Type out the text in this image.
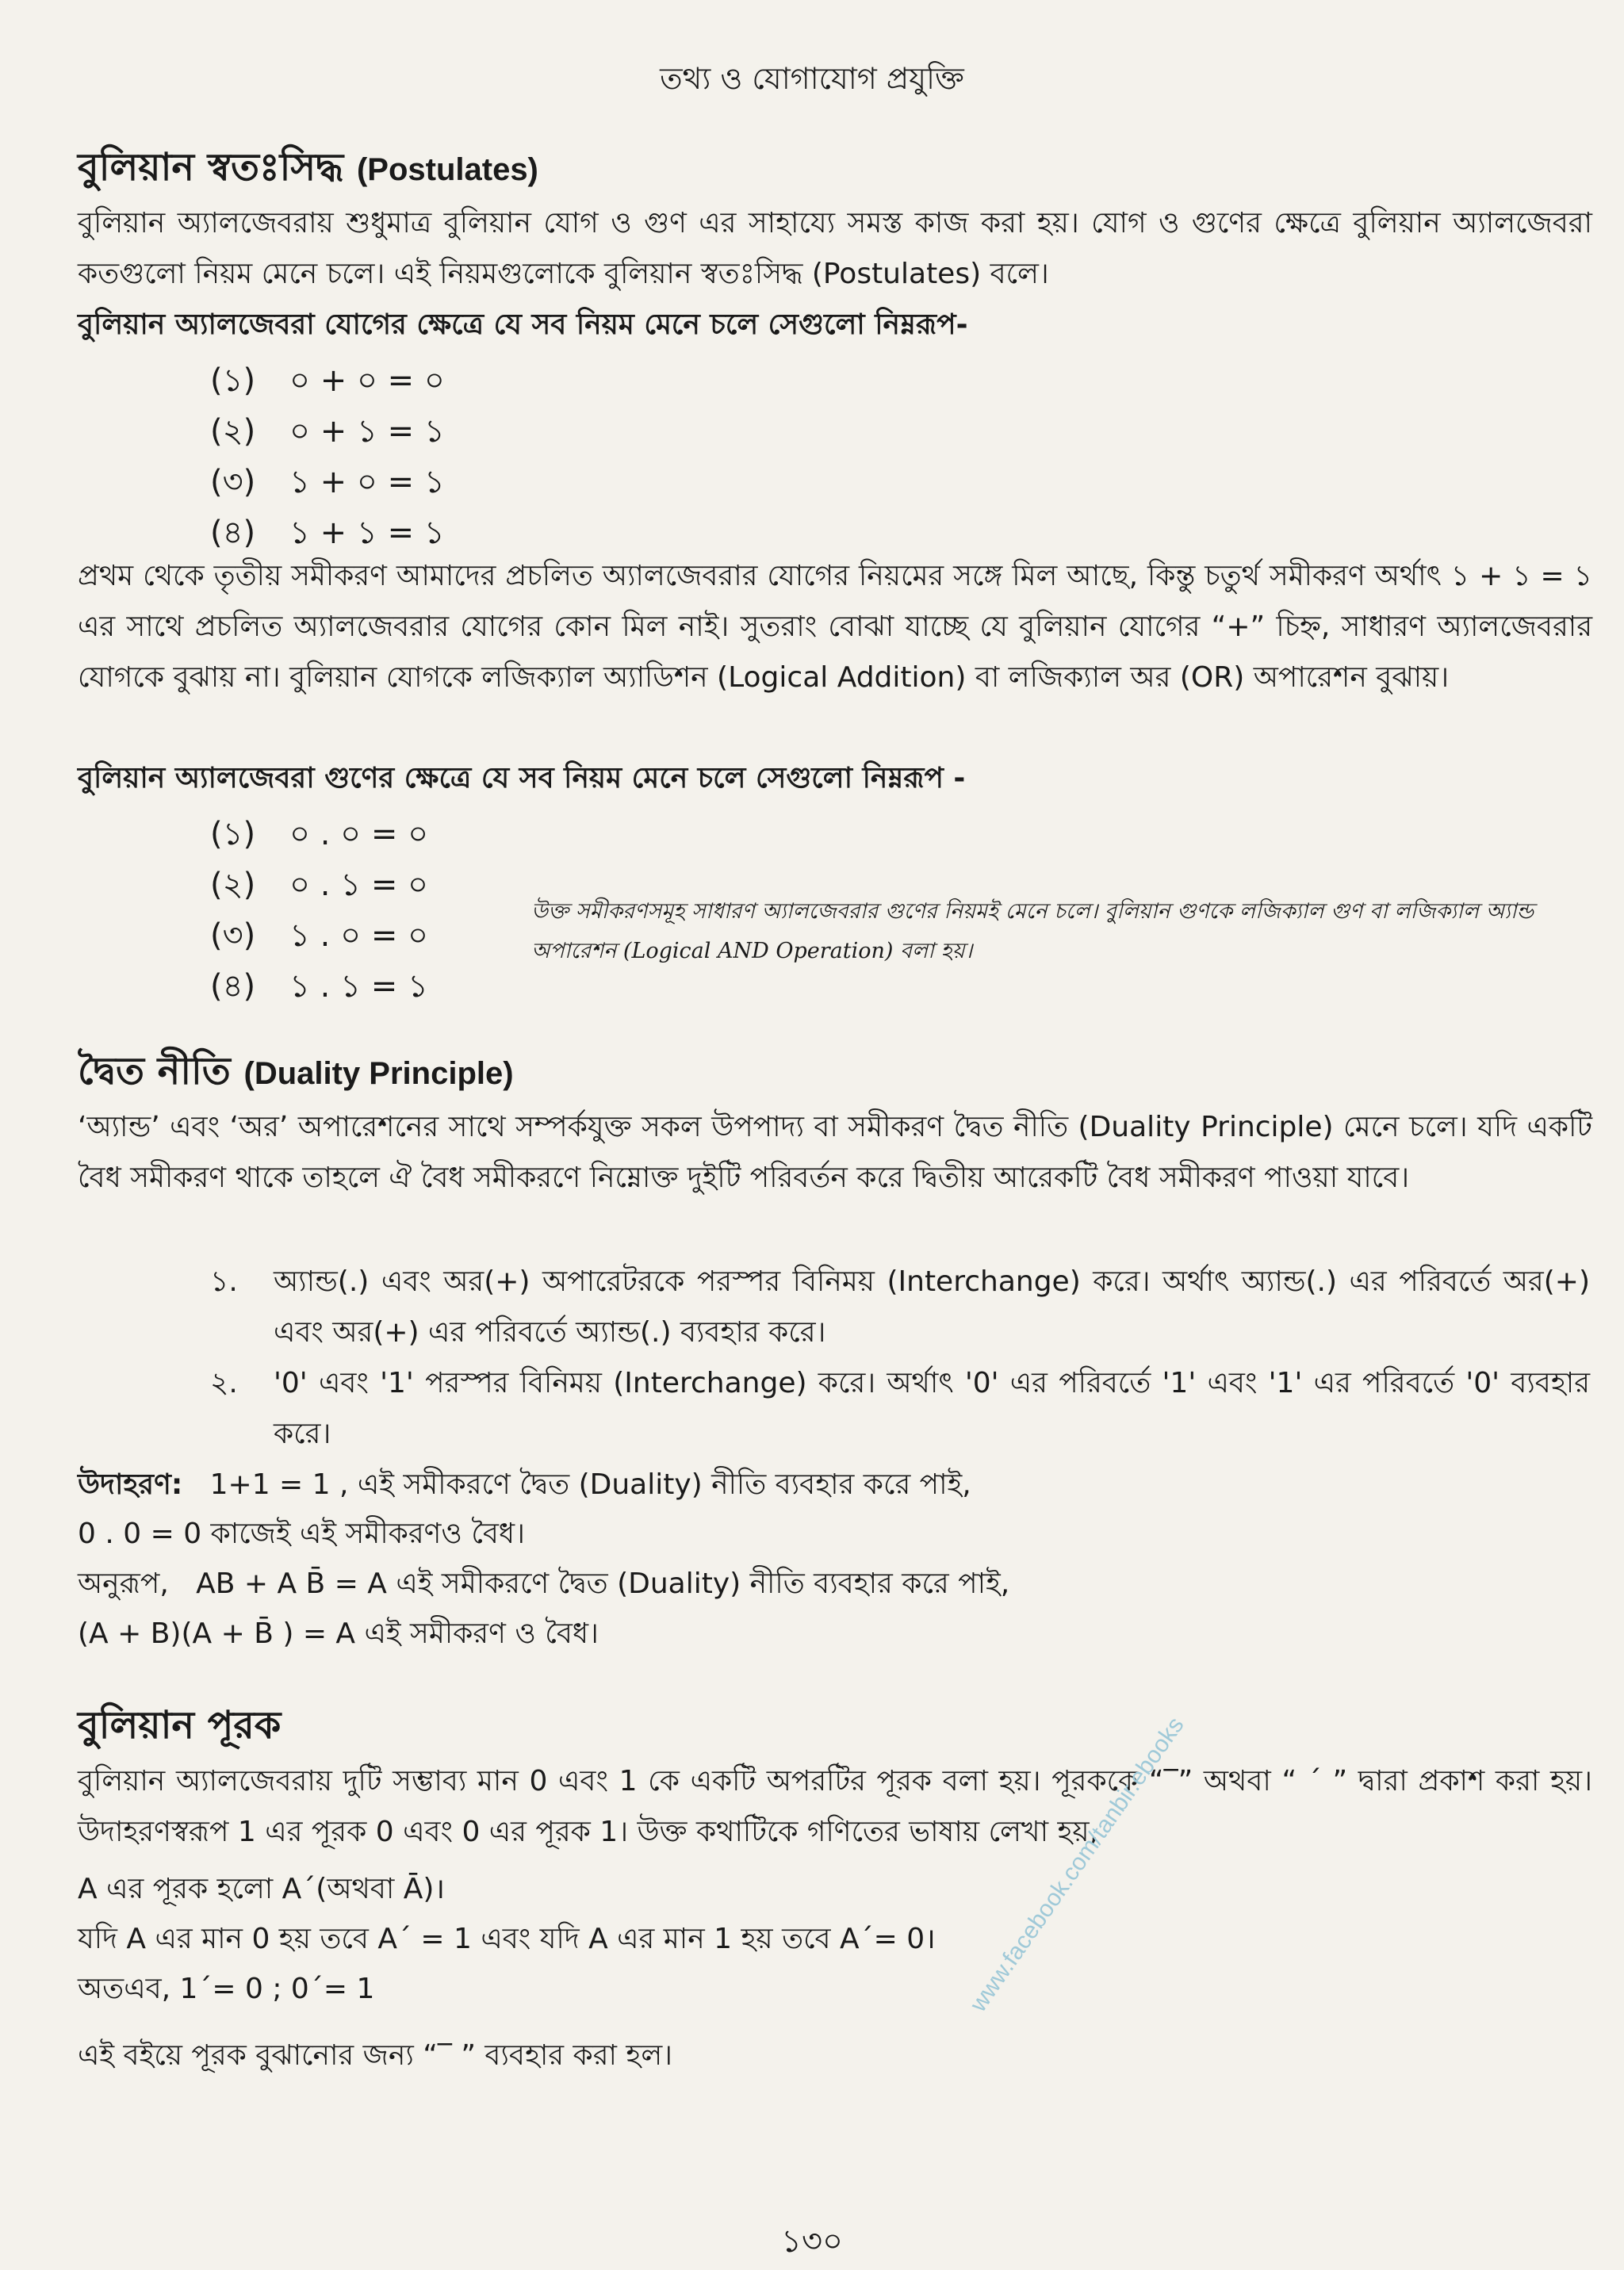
তথ্য ও যোগাযোগ প্রযুক্তি
বুলিয়ান স্বতঃসিদ্ধ (Postulates)
বুলিয়ান অ্যালজেবরায় শুধুমাত্র বুলিয়ান যোগ ও গুণ এর সাহায্যে সমস্ত কাজ করা হয়। যোগ ও গুণের ক্ষেত্রে বুলিয়ান অ্যালজেবরা কতগুলো নিয়ম মেনে চলে। এই নিয়মগুলোকে বুলিয়ান স্বতঃসিদ্ধ (Postulates) বলে।
বুলিয়ান অ্যালজেবরা যোগের ক্ষেত্রে যে সব নিয়ম মেনে চলে সেগুলো নিম্নরূপ-
(১) ০ + ০ = ০
(২) ০ + ১ = ১
(৩) ১ + ০ = ১
(৪) ১ + ১ = ১
প্রথম থেকে তৃতীয় সমীকরণ আমাদের প্রচলিত অ্যালজেবরার যোগের নিয়মের সঙ্গে মিল আছে, কিন্তু চতুর্থ সমীকরণ অর্থাৎ ১ + ১ = ১ এর সাথে প্রচলিত অ্যালজেবরার যোগের কোন মিল নাই। সুতরাং বোঝা যাচ্ছে যে বুলিয়ান যোগের “+” চিহ্ন, সাধারণ অ্যালজেবরার যোগকে বুঝায় না। বুলিয়ান যোগকে লজিক্যাল অ্যাডিশন (Logical Addition) বা লজিক্যাল অর (OR) অপারেশন বুঝায়।
বুলিয়ান অ্যালজেবরা গুণের ক্ষেত্রে যে সব নিয়ম মেনে চলে সেগুলো নিম্নরূপ -
(১) ০ . ০ = ০
(২) ০ . ১ = ০
(৩) ১ . ০ = ০
(৪) ১ . ১ = ১
উক্ত সমীকরণসমূহ সাধারণ অ্যালজেবরার গুণের নিয়মই মেনে চলে। বুলিয়ান গুণকে লজিক্যাল গুণ বা লজিক্যাল অ্যান্ড অপারেশন (Logical AND Operation) বলা হয়।
দ্বৈত নীতি (Duality Principle)
‘অ্যান্ড’ এবং ‘অর’ অপারেশনের সাথে সম্পর্কযুক্ত সকল উপপাদ্য বা সমীকরণ দ্বৈত নীতি (Duality Principle) মেনে চলে। যদি একটি বৈধ সমীকরণ থাকে তাহলে ঐ বৈধ সমীকরণে নিম্নোক্ত দুইটি পরিবর্তন করে দ্বিতীয় আরেকটি বৈধ সমীকরণ পাওয়া যাবে।
১. অ্যান্ড(.) এবং অর(+) অপারেটরকে পরস্পর বিনিময় (Interchange) করে। অর্থাৎ অ্যান্ড(.) এর পরিবর্তে অর(+) এবং অর(+) এর পরিবর্তে অ্যান্ড(.) ব্যবহার করে।
২. '0' এবং '1' পরস্পর বিনিময় (Interchange) করে। অর্থাৎ '0' এর পরিবর্তে '1' এবং '1' এর পরিবর্তে '0' ব্যবহার করে।
উদাহরণ: 1+1 = 1 , এই সমীকরণে দ্বৈত (Duality) নীতি ব্যবহার করে পাই,
0 . 0 = 0 কাজেই এই সমীকরণও বৈধ।
অনুরূপ, AB + A B̄ = A এই সমীকরণে দ্বৈত (Duality) নীতি ব্যবহার করে পাই,
(A + B)(A + B̄ ) = A এই সমীকরণ ও বৈধ।
বুলিয়ান পূরক
বুলিয়ান অ্যালজেবরায় দুটি সম্ভাব্য মান 0 এবং 1 কে একটি অপরটির পূরক বলা হয়। পূরককে “‾” অথবা “ ´ ” দ্বারা প্রকাশ করা হয়। উদাহরণস্বরূপ 1 এর পূরক 0 এবং 0 এর পূরক 1। উক্ত কথাটিকে গণিতের ভাষায় লেখা হয়,
A এর পূরক হলো A´(অথবা Ā)।
যদি A এর মান 0 হয় তবে A´ = 1 এবং যদি A এর মান 1 হয় তবে A´= 0।
অতএব, 1´= 0 ; 0´= 1
এই বইয়ে পূরক বুঝানোর জন্য “‾ ” ব্যবহার করা হল।
www.facebook.com/tanbir.ebooks
১৩০
